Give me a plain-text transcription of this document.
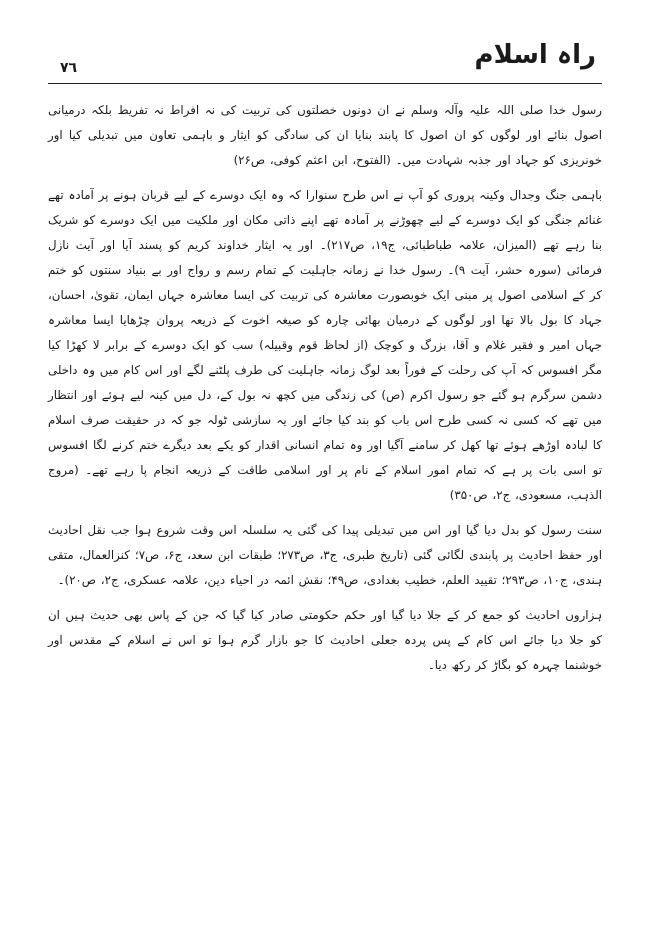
٧٦	راہ اسلام

رسول خدا صلی اللہ علیہ وآلہ وسلم نے ان دونوں خصلتوں کی تربیت کی نہ افراط نہ تفریط بلکہ درمیانی اصول بنائے اور لوگوں کو ان اصول کا پابند بنایا ان کی سادگی کو ایثار و باہمی تعاون میں تبدیلی کیا اور خونریزی کو جہاد اور جذبہ شہادت میں۔ (الفتوح، ابن اعثم کوفی، ص۲۶)

باہمی جنگ وجدال وکینہ پروری کو آپ نے اس طرح سنوارا کہ وہ ایک دوسرے کے لیے قربان ہونے پر آمادہ تھے غنائم جنگی کو ایک دوسرے کے لیے چھوڑنے پر آمادہ تھے اپنے ذاتی مکان اور ملکیت میں ایک دوسرے کو شریک بنا رہے تھے (المیزان، علامہ طباطبائی، ج۱۹، ص۲۱۷)۔ اور یہ ایثار خداوند کریم کو پسند آیا اور آیت نازل فرمائی (سورہ حشر، آیت ۹)۔ رسول خدا نے زمانہ جاہلیت کے تمام رسم و رواج اور بے بنیاد سنتوں کو ختم کر کے اسلامی اصول پر مبنی ایک خوبصورت معاشرہ کی تربیت کی ایسا معاشرہ جہاں ایمان، تقویٰ، احسان، جہاد کا بول بالا تھا اور لوگوں کے درمیان بھائی چارہ کو صیغہ اخوت کے ذریعہ پروان چڑھایا ایسا معاشرہ جہاں امیر و فقیر غلام و آقا، بزرگ و کوچک (از لحاظ قوم وقبیلہ) سب کو ایک دوسرے کے برابر لا کھڑا کیا مگر افسوس کہ آپ کی رحلت کے فوراً بعد لوگ زمانہ جاہلیت کی طرف پلٹنے لگے اور اس کام میں وہ داخلی دشمن سرگرم ہو گئے جو رسول اکرم (ص) کی زندگی میں کچھ نہ بول کے، دل میں کینہ لیے ہوئے اور انتظار میں تھے کہ کسی نہ کسی طرح اس باب کو بند کیا جائے اور یہ سازشی ٹولہ جو کہ در حقیقت صرف اسلام کا لبادہ اوڑھے ہوئے تھا کھل کر سامنے آگیا اور وہ تمام انسانی اقدار کو یکے بعد دیگرے ختم کرنے لگا افسوس تو اسی بات پر ہے کہ تمام امور اسلام کے نام پر اور اسلامی طاقت کے ذریعہ انجام پا رہے تھے۔ (مروج الذہب، مسعودی، ج۲، ص۳۵۰)

سنت رسول کو بدل دیا گیا اور اس میں تبدیلی پیدا کی گئی یہ سلسلہ اس وقت شروع ہوا جب نقل احادیث اور حفظ احادیث پر پابندی لگائی گئی (تاریخ طبری، ج۳، ص۲۷۳؛ طبقات ابن سعد، ج۶، ص۷؛ کنزالعمال، متقی ہندی، ج۱۰، ص۲۹۳؛ تقیید العلم، خطیب بغدادی، ص۴۹؛ نقش ائمہ در احیاء دین، علامہ عسکری، ج۲، ص۲۰)۔

ہزاروں احادیث کو جمع کر کے جلا دیا گیا اور حکم حکومتی صادر کیا گیا کہ جن کے پاس بھی حدیث ہیں ان کو جلا دیا جائے اس کام کے پس پردہ جعلی احادیث کا جو بازار گرم ہوا تو اس نے اسلام کے مقدس اور خوشنما چہرہ کو بگاڑ کر رکھ دیا۔
